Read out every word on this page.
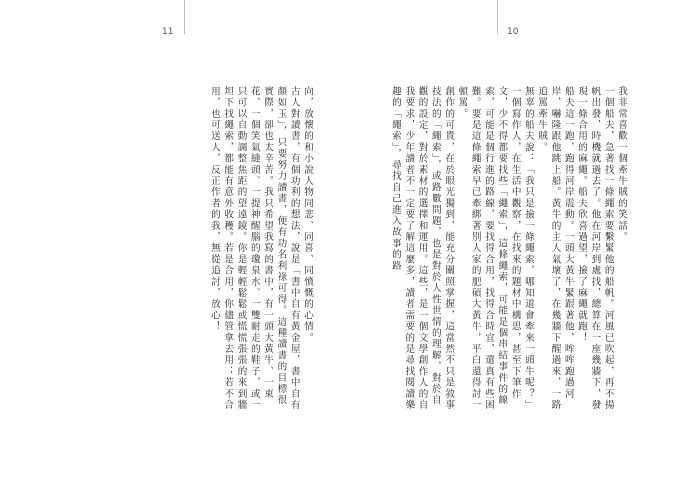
11	10

我非常喜歡一個牽牛賊的笑話。

一個船夫，急著找一條繩索要繫緊他的船帆。河風已吹起，再不揚帆出發，時機就過去了。他在河岸到處找，總算在一座幾牆下，發現一條合用的麻繩。船夫欣喜過望，撿了麻繩就跑！

船夫這一跑，跑得河岸震動。一頭大黃牛緊跟著他，哞哞跑過河岸，嚇隆跟他跳上船。黃牛的主人氣壞了，在幾牆下醒過來，一路追罵牽牛賊。

無辜的船夫說：「我只是撿一條繩索，哪知道會牽來一頭牛呢？」

一個寫作人，在生活中觀察，在找來的題材中構思，甚至下筆作文，少不得都要找些「繩索」，這條繩索，可能是個串結事件的線索，可能是個行進的路線，要找得合用，找得合時宜，還真有些困難。要是這條繩索早已牽綁著別人家的肥碩大黃牛，平白還得討一頓罵。

創作的可貴，在於眼光獨到，能充分關照掌握，這當然不只是敘事技法的「繩索」，或路數問題，也是對於人性世情的理解，對於自觀的設定，對於素材的選擇和運用。這些，是一個文學創作人的自我要求，少年讀者不一定要了解這麼多，讀者需要的是尋找閱讀樂趣的「繩索」，尋找自己進入故事的路

向，放懷的和小說人物同悲、同喜、同憤慨的心情。

古人對讀書，有個功利的想法，說是「書中自有黃金屋，書中自有顏如玉」，只要努力讀書，便有功名利祿可得。這種讀書的目標很實際，卻也太辛苦。我只希望我寫的書中，有一頭大黃牛、一束花、一個笑氣縫頭、一提神醒腦的瓊泉水、一雙耐走的鞋子，或一只可以自動調整焦距的望遠鏡。你是輕輕鬆鬆或慌慌張張的來到牆坦下找繩索，都能有意外收穫。若是合用，你儘管拿去用；若不合用，也可送人，反正作者的我，無從追討，放心！
